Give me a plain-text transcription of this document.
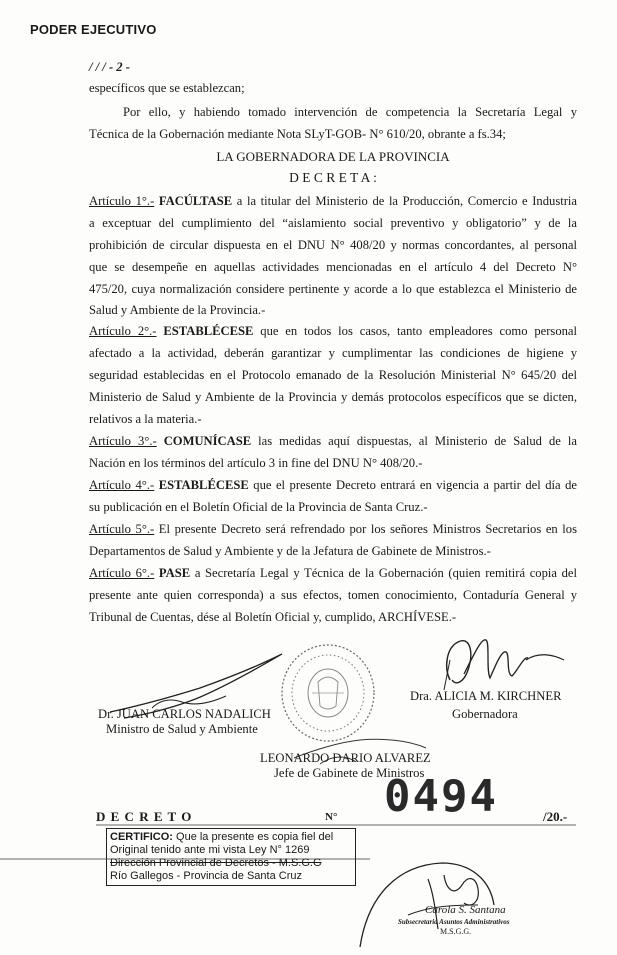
PODER EJECUTIVO
/ / / - 2 -
específicos que se establezcan;
Por ello, y habiendo tomado intervención de competencia la Secretaría Legal y
Técnica de la Gobernación mediante Nota SLyT-GOB- N° 610/20, obrante a fs.34;
LA GOBERNADORA DE LA PROVINCIA
D E C R E T A :
Artículo 1°.- FACÚLTASE a la titular del Ministerio de la Producción, Comercio e Industria
a exceptuar del cumplimiento del “aislamiento social preventivo y obligatorio” y de la
prohibición de circular dispuesta en el DNU N° 408/20 y normas concordantes, al personal
que se desempeñe en aquellas actividades mencionadas en el artículo 4 del Decreto N°
475/20, cuya normalización considere pertinente y acorde a lo que establezca el Ministerio de
Salud y Ambiente de la Provincia.-
Artículo 2°.- ESTABLÉCESE que en todos los casos, tanto empleadores como personal
afectado a la actividad, deberán garantizar y cumplimentar las condiciones de higiene y
seguridad establecidas en el Protocolo emanado de la Resolución Ministerial N° 645/20 del
Ministerio de Salud y Ambiente de la Provincia y demás protocolos específicos que se dicten,
relativos a la materia.-
Artículo 3°.- COMUNÍCASE las medidas aquí dispuestas, al Ministerio de Salud de la
Nación en los términos del artículo 3 in fine del DNU N° 408/20.-
Artículo 4°.- ESTABLÉCESE que el presente Decreto entrará en vigencia a partir del día de
su publicación en el Boletín Oficial de la Provincia de Santa Cruz.-
Artículo 5°.- El presente Decreto será refrendado por los señores Ministros Secretarios en los
Departamentos de Salud y Ambiente y de la Jefatura de Gabinete de Ministros.-
Artículo 6°.- PASE a Secretaría Legal y Técnica de la Gobernación (quien remitirá copia del
presente ante quien corresponda) a sus efectos, tomen conocimiento, Contaduría General y
Tribunal de Cuentas, dése al Boletín Oficial y, cumplido, ARCHÍVESE.-
Dra. ALICIA M. KIRCHNER
Gobernadora
Dr. JUAN CARLOS NADALICH
Ministro de Salud y Ambiente
LEONARDO DARIO ALVAREZ
Jefe de Gabinete de Ministros
D E C R E T O	N° 0494	/20.-
CERTIFICO: Que la presente es copia fiel del
Original tenido ante mi vista Ley N° 1269
Dirección Provincial de Decretos - M.S.G.G
Río Gallegos - Provincia de Santa Cruz
Carola S. Santana
Subsecretaria Asuntos Administrativos
M.S.G.G.
